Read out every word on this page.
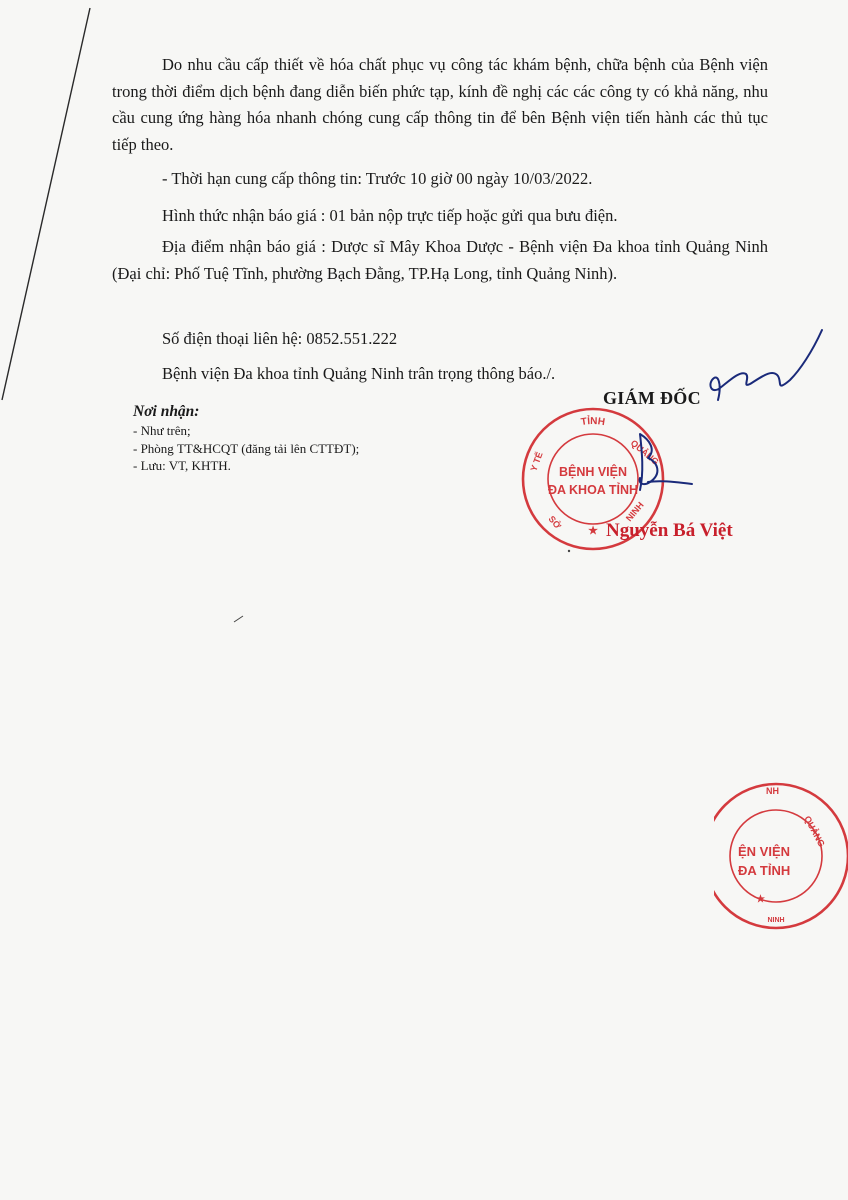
Do nhu cầu cấp thiết về hóa chất phục vụ công tác khám bệnh, chữa bệnh của Bệnh viện trong thời điểm dịch bệnh đang diễn biến phức tạp, kính đề nghị các các công ty có khả năng, nhu cầu cung ứng hàng hóa nhanh chóng cung cấp thông tin để bên Bệnh viện tiến hành các thủ tục tiếp theo.

- Thời hạn cung cấp thông tin: Trước 10 giờ 00 ngày 10/03/2022.
Hình thức nhận báo giá : 01 bản nộp trực tiếp hoặc gửi qua bưu điện.

Địa điểm nhận báo giá : Dược sĩ Mây Khoa Dược - Bệnh viện Đa khoa tỉnh Quảng Ninh (Đại chỉ: Phố Tuệ Tĩnh, phường Bạch Đằng, TP.Hạ Long, tỉnh Quảng Ninh).

Số điện thoại liên hệ: 0852.551.222
Bệnh viện Đa khoa tỉnh Quảng Ninh trân trọng thông báo./.
Nơi nhận:
- Như trên;
- Phòng TT&HCQT (đăng tải lên CTTĐT);
- Lưu: VT, KHTH.
GIÁM ĐỐC
TỈNH
QUẢNG
Y TẾ
NINH
SỞ
BỆNH VIỆN
ĐA KHOA TỈNH
★ Nguyễn Bá Việt
NH
QUẢNG
NINH
ỆN VIỆN
ĐA TỈNH
★
